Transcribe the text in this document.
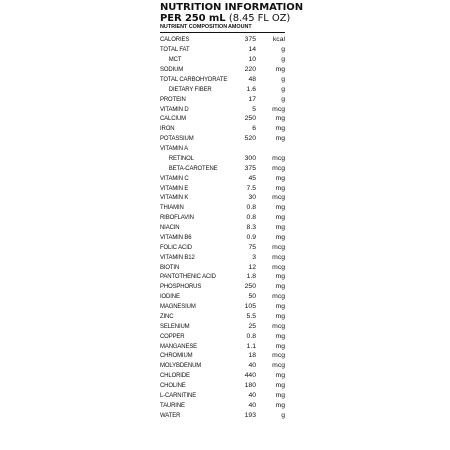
NUTRITION INFORMATION
PER 250 mL (8.45 FL OZ)
NUTRIENT COMPOSITION AMOUNT
CALORIES	375	kcal
TOTAL FAT	14	g
MCT	10	g
SODIUM	220	mg
TOTAL CARBOHYDRATE	48	g
DIETARY FIBER	1.6	g
PROTEIN	17	g
VITAMIN D	5	mcg
CALCIUM	250	mg
IRON	6	mg
POTASSIUM	520	mg
VITAMIN A
RETINOL	300	mcg
BETA-CAROTENE	375	mcg
VITAMIN C	45	mg
VITAMIN E	7.5	mg
VITAMIN K	30	mcg
THIAMIN	0.8	mg
RIBOFLAVIN	0.8	mg
NIACIN	8.3	mg
VITAMIN B6	0.9	mg
FOLIC ACID	75	mcg
VITAMIN B12	3	mcg
BIOTIN	12	mcg
PANTOTHENIC ACID	1.8	mg
PHOSPHORUS	250	mg
IODINE	50	mcg
MAGNESIUM	105	mg
ZINC	5.5	mg
SELENIUM	25	mcg
COPPER	0.8	mg
MANGANESE	1.1	mg
CHROMIUM	18	mcg
MOLYBDENUM	40	mcg
CHLORIDE	440	mg
CHOLINE	180	mg
L-CARNITINE	40	mg
TAURINE	40	mg
WATER	193	g
